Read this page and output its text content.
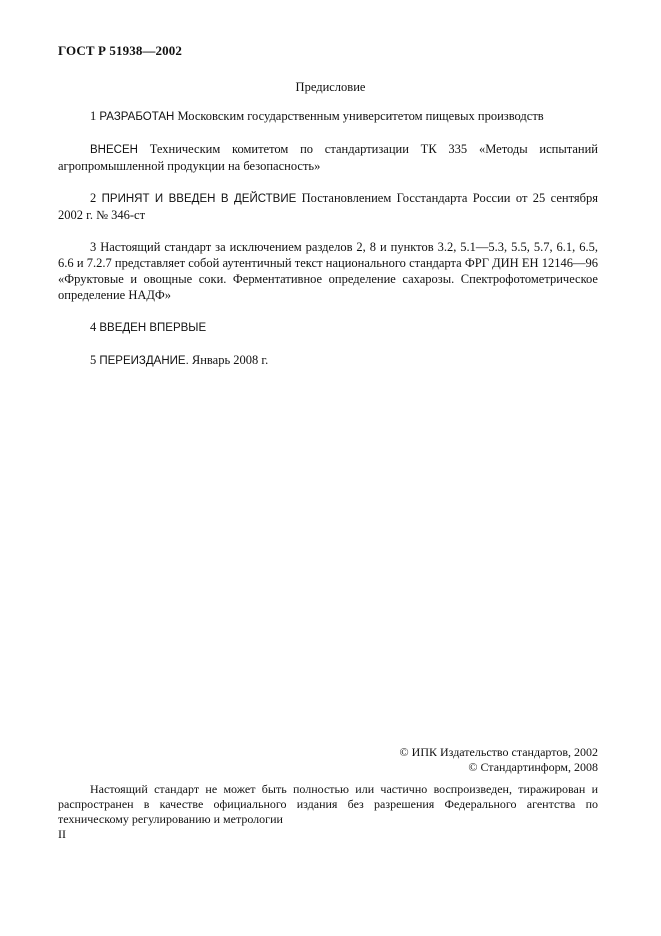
ГОСТ Р 51938—2002
Предисловие

1 РАЗРАБОТАН Московским государственным университетом пищевых производств

ВНЕСЕН Техническим комитетом по стандартизации ТК 335 «Методы испытаний агропромышленной продукции на безопасность»

2 ПРИНЯТ И ВВЕДЕН В ДЕЙСТВИЕ Постановлением Госстандарта России от 25 сентября 2002 г. № 346-ст

3 Настоящий стандарт за исключением разделов 2, 8 и пунктов 3.2, 5.1—5.3, 5.5, 5.7, 6.1, 6.5, 6.6 и 7.2.7 представляет собой аутентичный текст национального стандарта ФРГ ДИН ЕН 12146—96 «Фруктовые и овощные соки. Ферментативное определение сахарозы. Спектрофотометрическое определение НАДФ»

4 ВВЕДЕН ВПЕРВЫЕ

5 ПЕРЕИЗДАНИЕ. Январь 2008 г.

© ИПК Издательство стандартов, 2002
© Стандартинформ, 2008
Настоящий стандарт не может быть полностью или частично воспроизведен, тиражирован и распространен в качестве официального издания без разрешения Федерального агентства по техническому регулированию и метрологии
II
